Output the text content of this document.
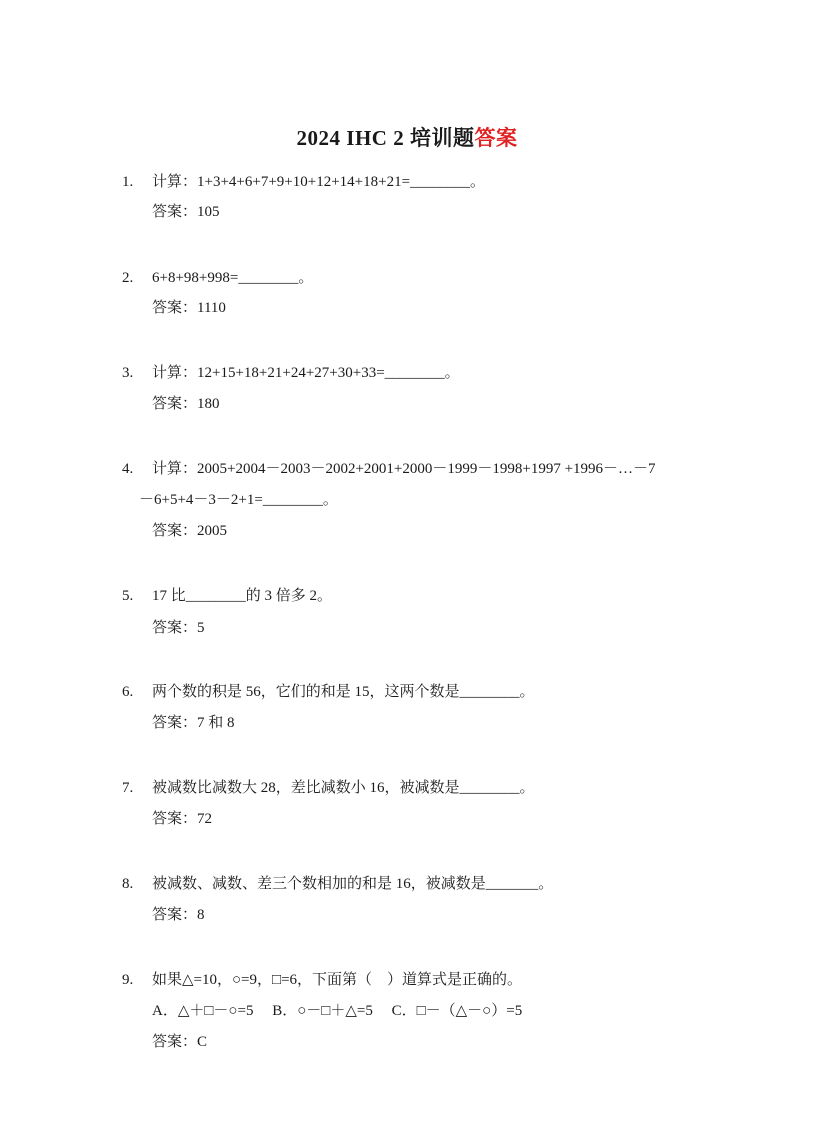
2024 IHC 2 培训题答案
1. 计算：1+3+4+6+7+9+10+12+14+18+21=________。
答案：105
2. 6+8+98+998=________。
答案：1110
3. 计算：12+15+18+21+24+27+30+33=________。
答案：180
4. 计算：2005+2004－2003－2002+2001+2000－1999－1998+1997 +1996－…－7
－6+5+4－3－2+1=________。
答案：2005
5. 17 比________的 3 倍多 2。
答案：5
6. 两个数的积是 56，它们的和是 15，这两个数是________。
答案：7 和 8
7. 被减数比减数大 28，差比减数小 16，被减数是________。
答案：72
8. 被减数、减数、差三个数相加的和是 16，被减数是_______。
答案：8
9. 如果△=10，○=9，□=6，下面第（　）道算式是正确的。
A．△＋□－○=5　 B．○－□＋△=5　 C．□－（△－○）=5
答案：C
